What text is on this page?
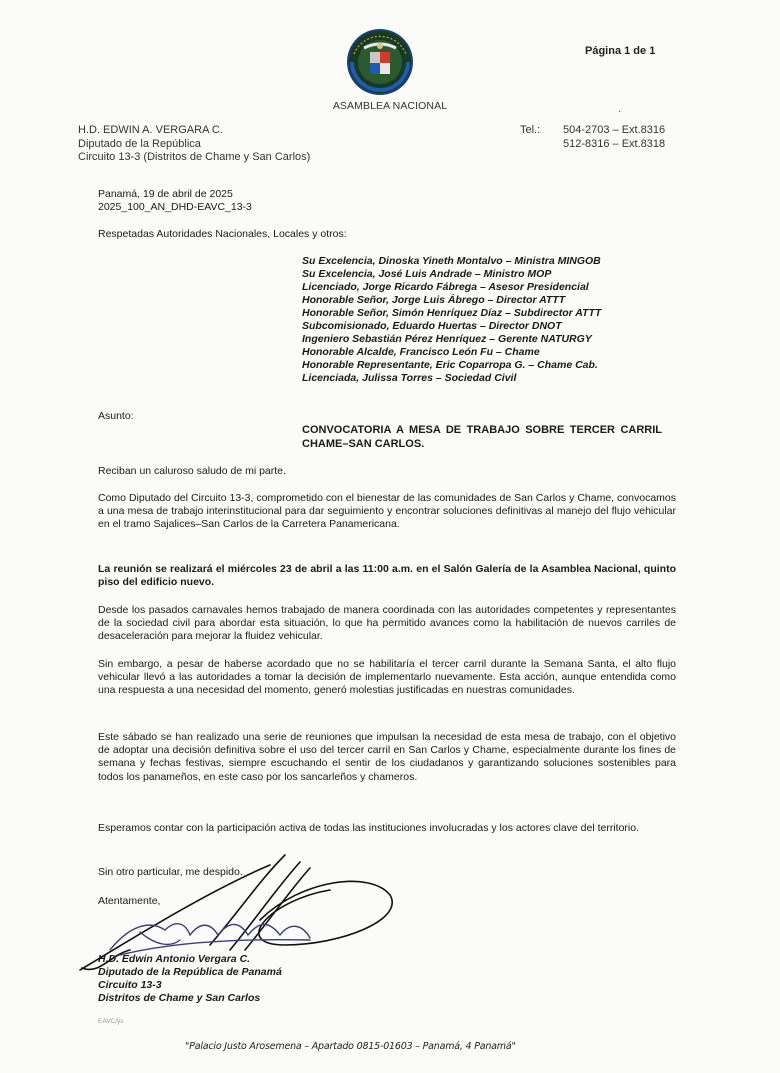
ASAMBLEA NACIONAL
Página 1 de 1
·
H.D. EDWIN A. VERGARA C.
Diputado de la República
Circuito 13-3 (Distritos de Chame y San Carlos)
Tel.:	504-2703 – Ext.8316
512-8316 – Ext.8318
Panamá, 19 de abril de 2025
2025_100_AN_DHD-EAVC_13-3
Respetadas Autoridades Nacionales, Locales y otros:
Su Excelencia, Dinoska Yineth Montalvo – Ministra MINGOB
Su Excelencia, José Luis Andrade – Ministro MOP
Licenciado, Jorge Ricardo Fábrega – Asesor Presidencial
Honorable Señor, Jorge Luis Ábrego – Director ATTT
Honorable Señor, Simón Henríquez Díaz – Subdirector ATTT
Subcomisionado, Eduardo Huertas – Director DNOT
Ingeniero Sebastián Pérez Henríquez – Gerente NATURGY
Honorable Alcalde, Francisco León Fu – Chame
Honorable Representante, Eric Coparropa G. – Chame Cab.
Licenciada, Julissa Torres – Sociedad Civil
Asunto:
CONVOCATORIA A MESA DE TRABAJO SOBRE TERCER CARRIL CHAME–SAN CARLOS.
Reciban un caluroso saludo de mi parte.
Como Diputado del Circuito 13-3, comprometido con el bienestar de las comunidades de San Carlos y Chame, convocamos a una mesa de trabajo interinstitucional para dar seguimiento y encontrar soluciones definitivas al manejo del flujo vehicular en el tramo Sajalices–San Carlos de la Carretera Panamericana.
La reunión se realizará el miércoles 23 de abril a las 11:00 a.m. en el Salón Galería de la Asamblea Nacional, quinto piso del edificio nuevo.
Desde los pasados carnavales hemos trabajado de manera coordinada con las autoridades competentes y representantes de la sociedad civil para abordar esta situación, lo que ha permitido avances como la habilitación de nuevos carriles de desaceleración para mejorar la fluidez vehicular.
Sin embargo, a pesar de haberse acordado que no se habilitaría el tercer carril durante la Semana Santa, el alto flujo vehicular llevó a las autoridades a tomar la decisión de implementarlo nuevamente. Esta acción, aunque entendida como una respuesta a una necesidad del momento, generó molestias justificadas en nuestras comunidades.
Este sábado se han realizado una serie de reuniones que impulsan la necesidad de esta mesa de trabajo, con el objetivo de adoptar una decisión definitiva sobre el uso del tercer carril en San Carlos y Chame, especialmente durante los fines de semana y fechas festivas, siempre escuchando el sentir de los ciudadanos y garantizando soluciones sostenibles para todos los panameños, en este caso por los sancarleños y chameros.
Esperamos contar con la participación activa de todas las instituciones involucradas y los actores clave del territorio.
Sin otro particular, me despido.
Atentamente,
H.D. Edwin Antonio Vergara C.
Diputado de la República de Panamá
Circuito 13-3
Distritos de Chame y San Carlos
EAVC/ys
"Palacio Justo Arosemena – Apartado 0815-01603 – Panamá, 4 Panamá"
